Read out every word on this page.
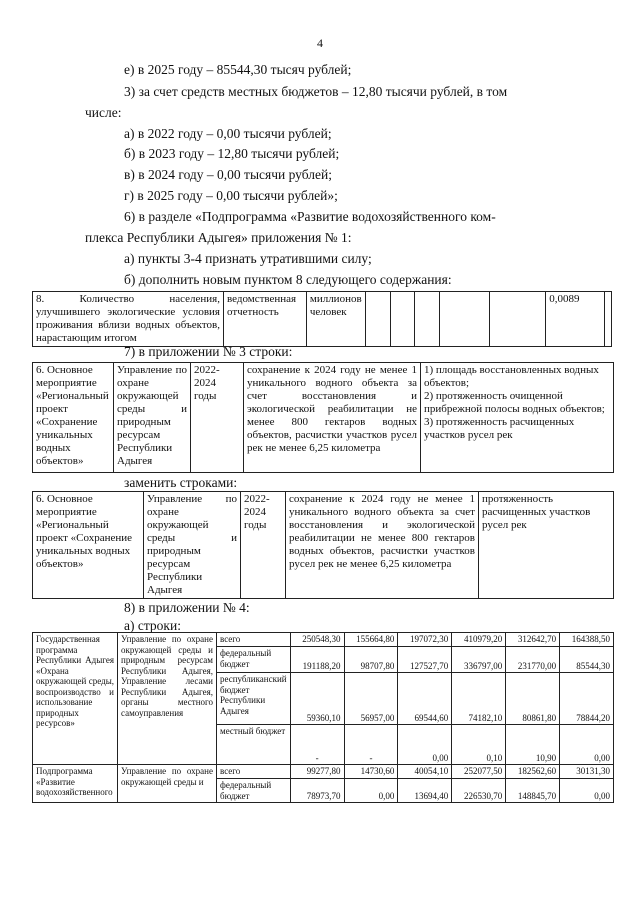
4
е) в 2025 году – 85544,30 тысяч рублей;
3) за счет средств местных бюджетов – 12,80 тысячи рублей, в том
числе:
а) в 2022 году – 0,00 тысячи рублей;
б) в 2023 году – 12,80 тысячи рублей;
в) в 2024 году – 0,00 тысячи рублей;
г) в 2025 году – 0,00 тысячи рублей»;
6) в разделе «Подпрограмма «Развитие водохозяйственного ком-
плекса Республики Адыгея» приложения № 1:
а) пункты 3-4 признать утратившими силу;
б) дополнить новым пунктом 8 следующего содержания:
8. Количество населения, улучшившего экологические условия проживания вблизи водных объектов, нарастающим итогом	ведомственная отчетность	миллионов человек						0,0089	
7) в приложении № 3 строки:
6. Основное мероприятие «Региональный проект «Сохранение уникальных водных объектов»	Управление по охране окружающей среды и природным ресурсам Республики Адыгея	2022-2024 годы	сохранение к 2024 году не менее 1 уникального водного объекта за счет восстановления и экологической реабилитации не менее 800 гектаров водных объектов, расчистки участков русел рек не менее 6,25 километра	1) площадь восстановленных водных объектов;
2) протяженность очищенной прибрежной полосы водных объектов;
3) протяженность расчищенных участков русел рек
заменить строками:
6. Основное мероприятие «Региональный проект «Сохранение уникальных водных объектов»	Управление по охране окружающей среды и природным ресурсам Республики Адыгея	2022-2024 годы	сохранение к 2024 году не менее 1 уникального водного объекта за счет восстановления и экологической реабилитации не менее 800 гектаров водных объектов, расчистки участков русел рек не менее 6,25 километра	протяженность расчищенных участков русел рек
8) в приложении № 4:
а) строки:
Государственная программа Республики Адыгея «Охрана окружающей среды, воспроизводство и использование природных ресурсов»	Управление по охране окружающей среды и природным ресурсам Республики Адыгея, Управление лесами Республики Адыгея, органы местного самоуправления	всего	250548,30	155664,80	197072,30	410979,20	312642,70	164388,50
		федеральный бюджет	191188,20	98707,80	127527,70	336797,00	231770,00	85544,30
		республиканский бюджет Республики Адыгея	59360,10	56957,00	69544,60	74182,10	80861,80	78844,20
		местный бюджет	-	-	0,00	0,10	10,90	0,00
Подпрограмма «Развитие водохозяйственного	Управление по охране окружающей среды и	всего	99277,80	14730,60	40054,10	252077,50	182562,60	30131,30
		федеральный бюджет	78973,70	0,00	13694,40	226530,70	148845,70	0,00
